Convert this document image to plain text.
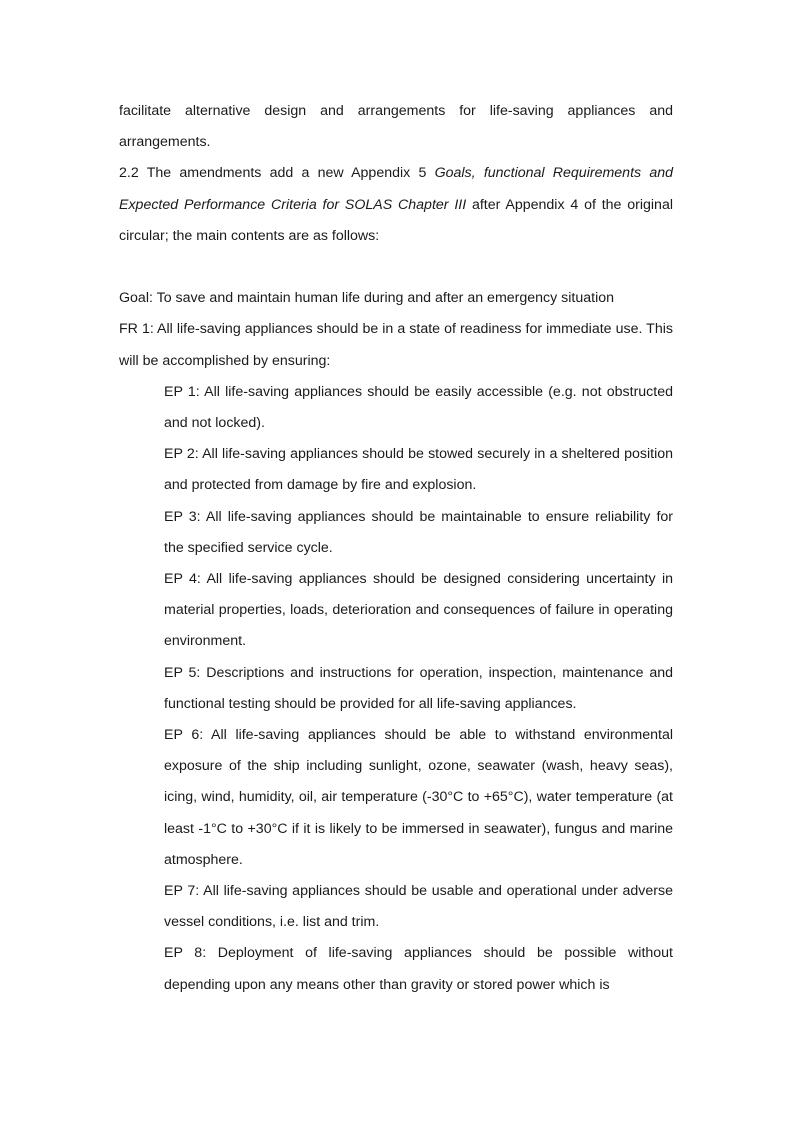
facilitate alternative design and arrangements for life-saving appliances and arrangements.

2.2 The amendments add a new Appendix 5 Goals, functional Requirements and Expected Performance Criteria for SOLAS Chapter III after Appendix 4 of the original circular; the main contents are as follows:

Goal: To save and maintain human life during and after an emergency situation

FR 1: All life-saving appliances should be in a state of readiness for immediate use. This will be accomplished by ensuring:

EP 1: All life-saving appliances should be easily accessible (e.g. not obstructed and not locked).

EP 2: All life-saving appliances should be stowed securely in a sheltered position and protected from damage by fire and explosion.

EP 3: All life-saving appliances should be maintainable to ensure reliability for the specified service cycle.

EP 4: All life-saving appliances should be designed considering uncertainty in material properties, loads, deterioration and consequences of failure in operating environment.

EP 5: Descriptions and instructions for operation, inspection, maintenance and functional testing should be provided for all life-saving appliances.

EP 6: All life-saving appliances should be able to withstand environmental exposure of the ship including sunlight, ozone, seawater (wash, heavy seas), icing, wind, humidity, oil, air temperature (-30°C to +65°C), water temperature (at least -1°C to +30°C if it is likely to be immersed in seawater), fungus and marine atmosphere.

EP 7: All life-saving appliances should be usable and operational under adverse vessel conditions, i.e. list and trim.

EP 8: Deployment of life-saving appliances should be possible without depending upon any means other than gravity or stored power which is
